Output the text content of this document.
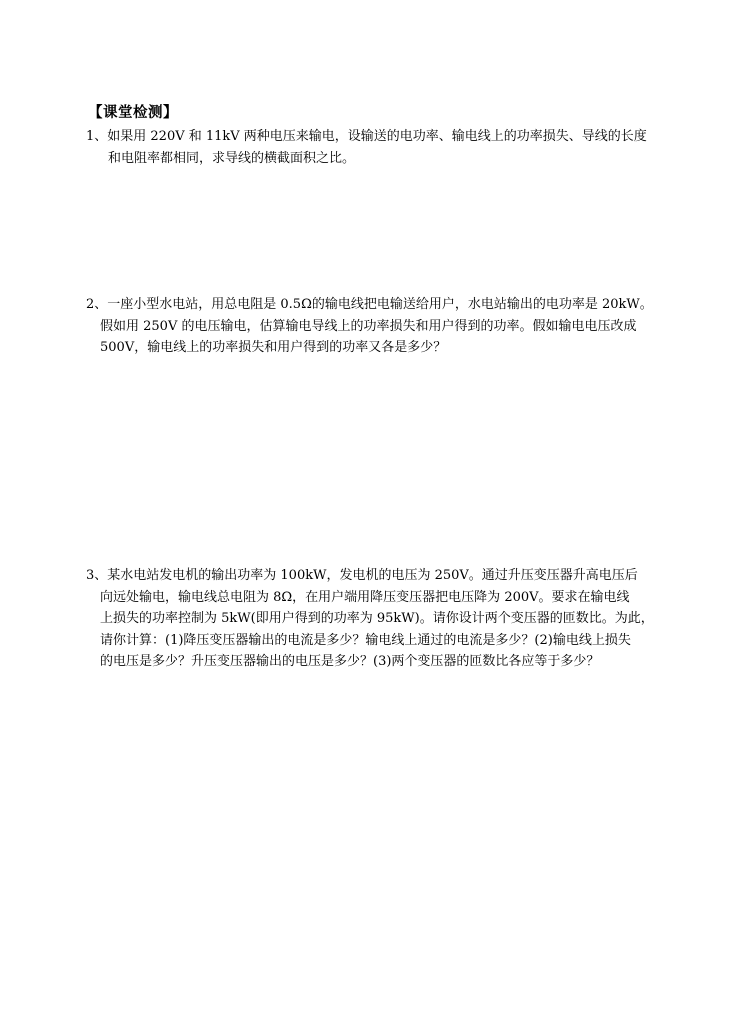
【课堂检测】
1、如果用 220V 和 11kV 两种电压来输电，设输送的电功率、输电线上的功率损失、导线的长度
和电阻率都相同，求导线的横截面积之比。
2、一座小型水电站，用总电阻是 0.5Ω的输电线把电输送给用户，水电站输出的电功率是 20kW。
假如用 250V 的电压输电，估算输电导线上的功率损失和用户得到的功率。假如输电电压改成
500V，输电线上的功率损失和用户得到的功率又各是多少？
3、某水电站发电机的输出功率为 100kW，发电机的电压为 250V。通过升压变压器升高电压后
向远处输电，输电线总电阻为 8Ω，在用户端用降压变压器把电压降为 200V。要求在输电线
上损失的功率控制为 5kW(即用户得到的功率为 95kW)。请你设计两个变压器的匝数比。为此，
请你计算：(1)降压变压器输出的电流是多少？输电线上通过的电流是多少？(2)输电线上损失
的电压是多少？升压变压器输出的电压是多少？(3)两个变压器的匝数比各应等于多少？
